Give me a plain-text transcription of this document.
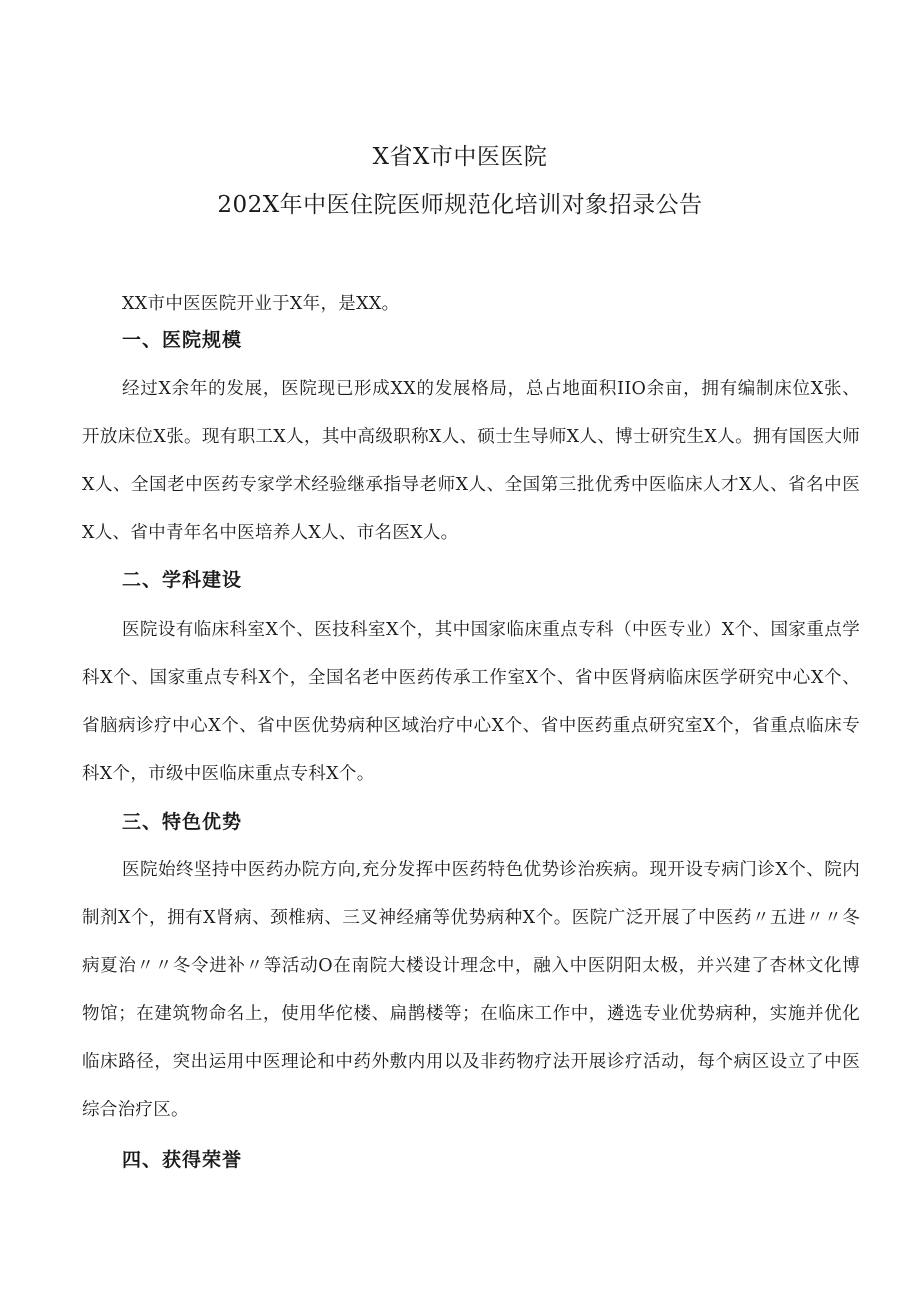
X省X市中医医院
202X年中医住院医师规范化培训对象招录公告

XX市中医医院开业于X年，是XX。

一、医院规模

经过X余年的发展，医院现已形成XX的发展格局，总占地面积IIO余亩，拥有编制床位X张、开放床位X张。现有职工X人，其中高级职称X人、硕士生导师X人、博士研究生X人。拥有国医大师X人、全国老中医药专家学术经验继承指导老师X人、全国第三批优秀中医临床人才X人、省名中医X人、省中青年名中医培养人X人、市名医X人。

二、学科建设

医院设有临床科室X个、医技科室X个，其中国家临床重点专科（中医专业）X个、国家重点学科X个、国家重点专科X个，全国名老中医药传承工作室X个、省中医肾病临床医学研究中心X个、省脑病诊疗中心X个、省中医优势病种区域治疗中心X个、省中医药重点研究室X个，省重点临床专科X个，市级中医临床重点专科X个。

三、特色优势

医院始终坚持中医药办院方向,充分发挥中医药特色优势诊治疾病。现开设专病门诊X个、院内制剂X个，拥有X肾病、颈椎病、三叉神经痛等优势病种X个。医院广泛开展了中医药〃五进〃〃冬病夏治〃〃冬令进补〃等活动O在南院大楼设计理念中，融入中医阴阳太极，并兴建了杏林文化博物馆；在建筑物命名上，使用华佗楼、扁鹊楼等；在临床工作中，遴选专业优势病种，实施并优化临床路径，突出运用中医理论和中药外敷内用以及非药物疗法开展诊疗活动，每个病区设立了中医综合治疗区。

四、获得荣誉
